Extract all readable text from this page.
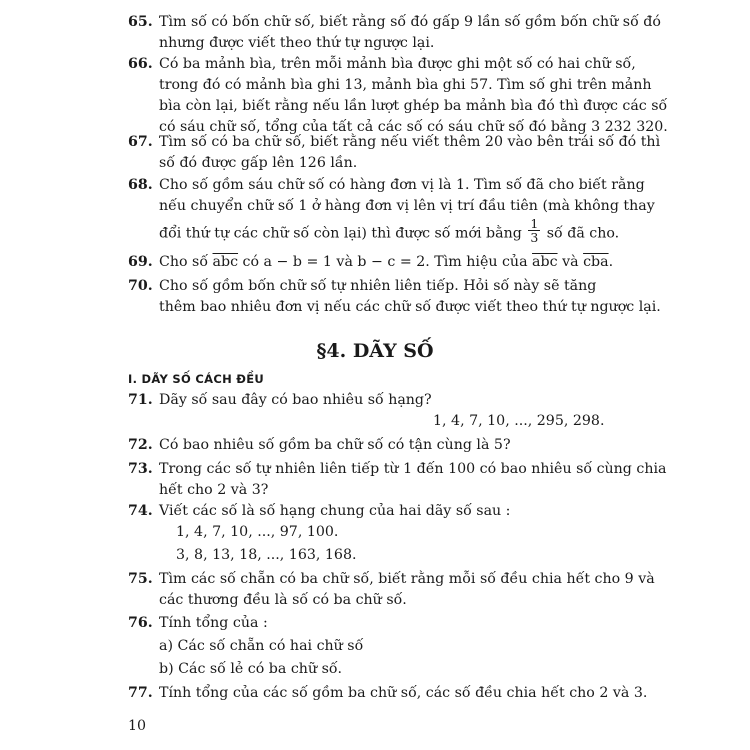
65. Tìm số có bốn chữ số, biết rằng số đó gấp 9 lần số gồm bốn chữ số đó
nhưng được viết theo thứ tự ngược lại.
66. Có ba mảnh bìa, trên mỗi mảnh bìa được ghi một số có hai chữ số,
trong đó có mảnh bìa ghi 13, mảnh bìa ghi 57. Tìm số ghi trên mảnh
bìa còn lại, biết rằng nếu lần lượt ghép ba mảnh bìa đó thì được các số
có sáu chữ số, tổng của tất cả các số có sáu chữ số đó bằng 3 232 320.
67. Tìm số có ba chữ số, biết rằng nếu viết thêm 20 vào bên trái số đó thì
số đó được gấp lên 126 lần.
68. Cho số gồm sáu chữ số có hàng đơn vị là 1. Tìm số đã cho biết rằng
nếu chuyển chữ số 1 ở hàng đơn vị lên vị trí đầu tiên (mà không thay
đổi thứ tự các chữ số còn lại) thì được số mới bằng $\frac{1}{3}$ số đã cho.
69. Cho số $\overline{abc}$ có a − b = 1 và b − c = 2. Tìm hiệu của $\overline{abc}$ và $\overline{cba}$.
70. Cho số gồm bốn chữ số tự nhiên liên tiếp. Hỏi số này sẽ tăng
thêm bao nhiêu đơn vị nếu các chữ số được viết theo thứ tự ngược lại.
§4. DÃY SỐ
I. DÃY SỐ CÁCH ĐỀU
71. Dãy số sau đây có bao nhiêu số hạng?
1, 4, 7, 10, ..., 295, 298.
72. Có bao nhiêu số gồm ba chữ số có tận cùng là 5?
73. Trong các số tự nhiên liên tiếp từ 1 đến 100 có bao nhiêu số cùng chia
hết cho 2 và 3?
74. Viết các số là số hạng chung của hai dãy số sau :
1, 4, 7, 10, ..., 97, 100.
3, 8, 13, 18, ..., 163, 168.
75. Tìm các số chẵn có ba chữ số, biết rằng mỗi số đều chia hết cho 9 và
các thương đều là số có ba chữ số.
76. Tính tổng của :
a) Các số chẵn có hai chữ số
b) Các số lẻ có ba chữ số.
77. Tính tổng của các số gồm ba chữ số, các số đều chia hết cho 2 và 3.
10
